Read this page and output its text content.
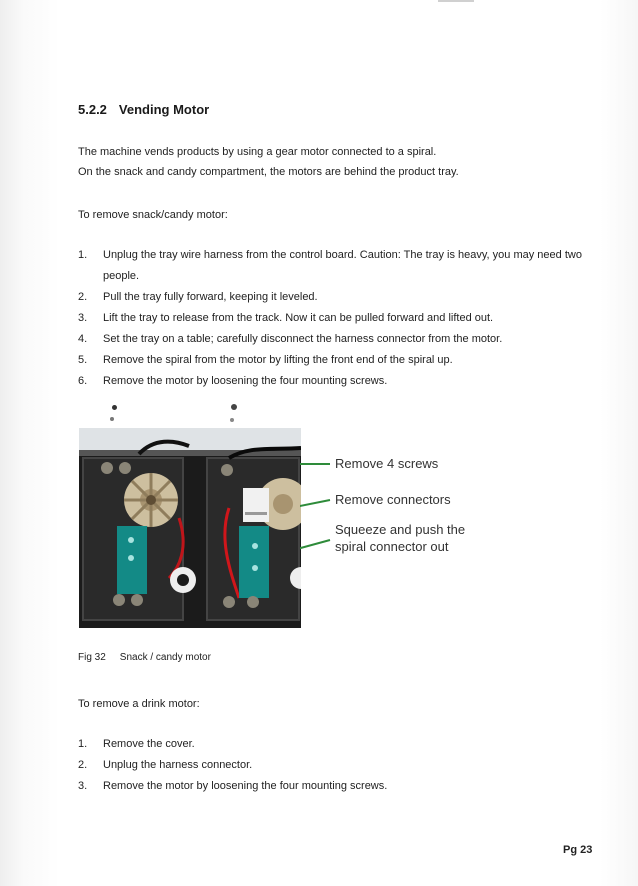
5.2.2 Vending Motor
The machine vends products by using a gear motor connected to a spiral.
On the snack and candy compartment, the motors are behind the product tray.
To remove snack/candy motor:
1. Unplug the tray wire harness from the control board. Caution: The tray is heavy, you may need two people.
2. Pull the tray fully forward, keeping it leveled.
3. Lift the tray to release from the track. Now it can be pulled forward and lifted out.
4. Set the tray on a table; carefully disconnect the harness connector from the motor.
5. Remove the spiral from the motor by lifting the front end of the spiral up.
6. Remove the motor by loosening the four mounting screws.
Remove 4 screws
Remove connectors
Squeeze and push the
spiral connector out
Fig 32 Snack / candy motor
To remove a drink motor:
1. Remove the cover.
2. Unplug the harness connector.
3. Remove the motor by loosening the four mounting screws.
Pg 23
